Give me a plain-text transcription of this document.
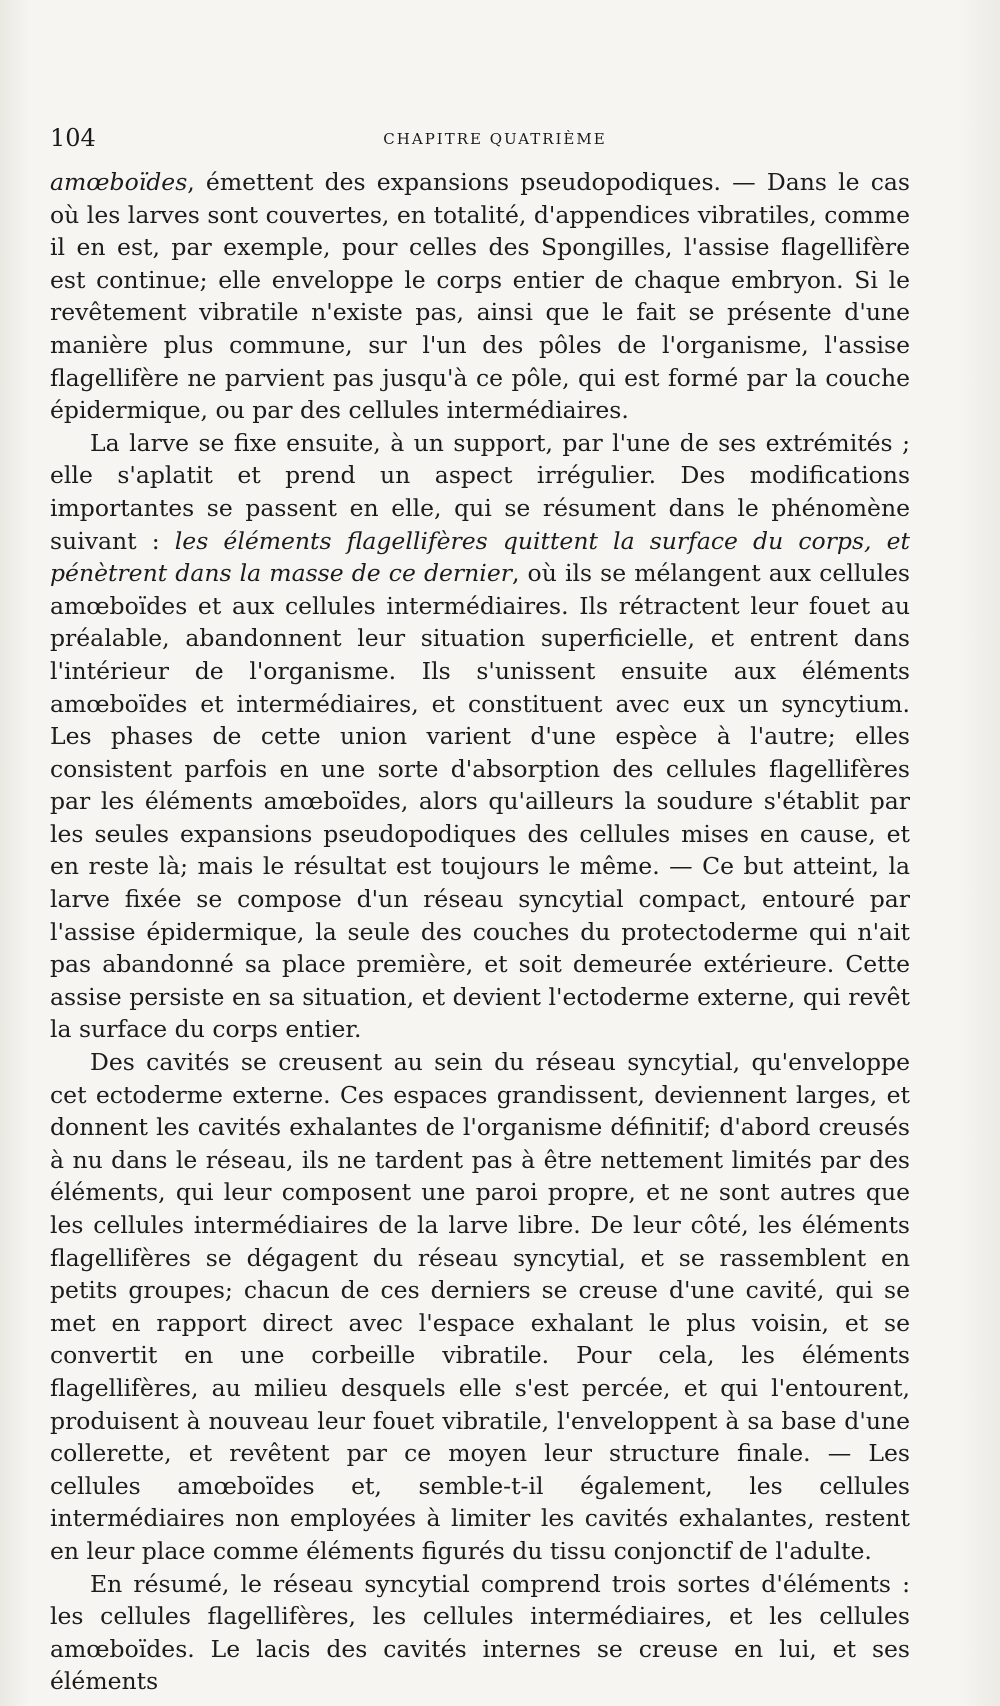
104	CHAPITRE QUATRIÈME

amœboïdes, émettent des expansions pseudopodiques. — Dans le cas où les larves sont couvertes, en totalité, d'appendices vibratiles, comme il en est, par exemple, pour celles des Spongilles, l'assise flagellifère est continue; elle enveloppe le corps entier de chaque embryon. Si le revêtement vibratile n'existe pas, ainsi que le fait se présente d'une manière plus commune, sur l'un des pôles de l'organisme, l'assise flagellifère ne parvient pas jusqu'à ce pôle, qui est formé par la couche épidermique, ou par des cellules intermédiaires.

La larve se fixe ensuite, à un support, par l'une de ses extrémités ; elle s'aplatit et prend un aspect irrégulier. Des modifications importantes se passent en elle, qui se résument dans le phénomène suivant : les éléments flagellifères quittent la surface du corps, et pénètrent dans la masse de ce dernier, où ils se mélangent aux cellules amœboïdes et aux cellules intermédiaires. Ils rétractent leur fouet au préalable, abandonnent leur situation superficielle, et entrent dans l'intérieur de l'organisme. Ils s'unissent ensuite aux éléments amœboïdes et intermédiaires, et constituent avec eux un syncytium. Les phases de cette union varient d'une espèce à l'autre; elles consistent parfois en une sorte d'absorption des cellules flagellifères par les éléments amœboïdes, alors qu'ailleurs la soudure s'établit par les seules expansions pseudopodiques des cellules mises en cause, et en reste là; mais le résultat est toujours le même. — Ce but atteint, la larve fixée se compose d'un réseau syncytial compact, entouré par l'assise épidermique, la seule des couches du protectoderme qui n'ait pas abandonné sa place première, et soit demeurée extérieure. Cette assise persiste en sa situation, et devient l'ectoderme externe, qui revêt la surface du corps entier.

Des cavités se creusent au sein du réseau syncytial, qu'enveloppe cet ectoderme externe. Ces espaces grandissent, deviennent larges, et donnent les cavités exhalantes de l'organisme définitif; d'abord creusés à nu dans le réseau, ils ne tardent pas à être nettement limités par des éléments, qui leur composent une paroi propre, et ne sont autres que les cellules intermédiaires de la larve libre. De leur côté, les éléments flagellifères se dégagent du réseau syncytial, et se rassemblent en petits groupes; chacun de ces derniers se creuse d'une cavité, qui se met en rapport direct avec l'espace exhalant le plus voisin, et se convertit en une corbeille vibratile. Pour cela, les éléments flagellifères, au milieu desquels elle s'est percée, et qui l'entourent, produisent à nouveau leur fouet vibratile, l'enveloppent à sa base d'une collerette, et revêtent par ce moyen leur structure finale. — Les cellules amœboïdes et, semble-t-il également, les cellules intermédiaires non employées à limiter les cavités exhalantes, restent en leur place comme éléments figurés du tissu conjonctif de l'adulte.

En résumé, le réseau syncytial comprend trois sortes d'éléments : les cellules flagellifères, les cellules intermédiaires, et les cellules amœboïdes. Le lacis des cavités internes se creuse en lui, et ses éléments
